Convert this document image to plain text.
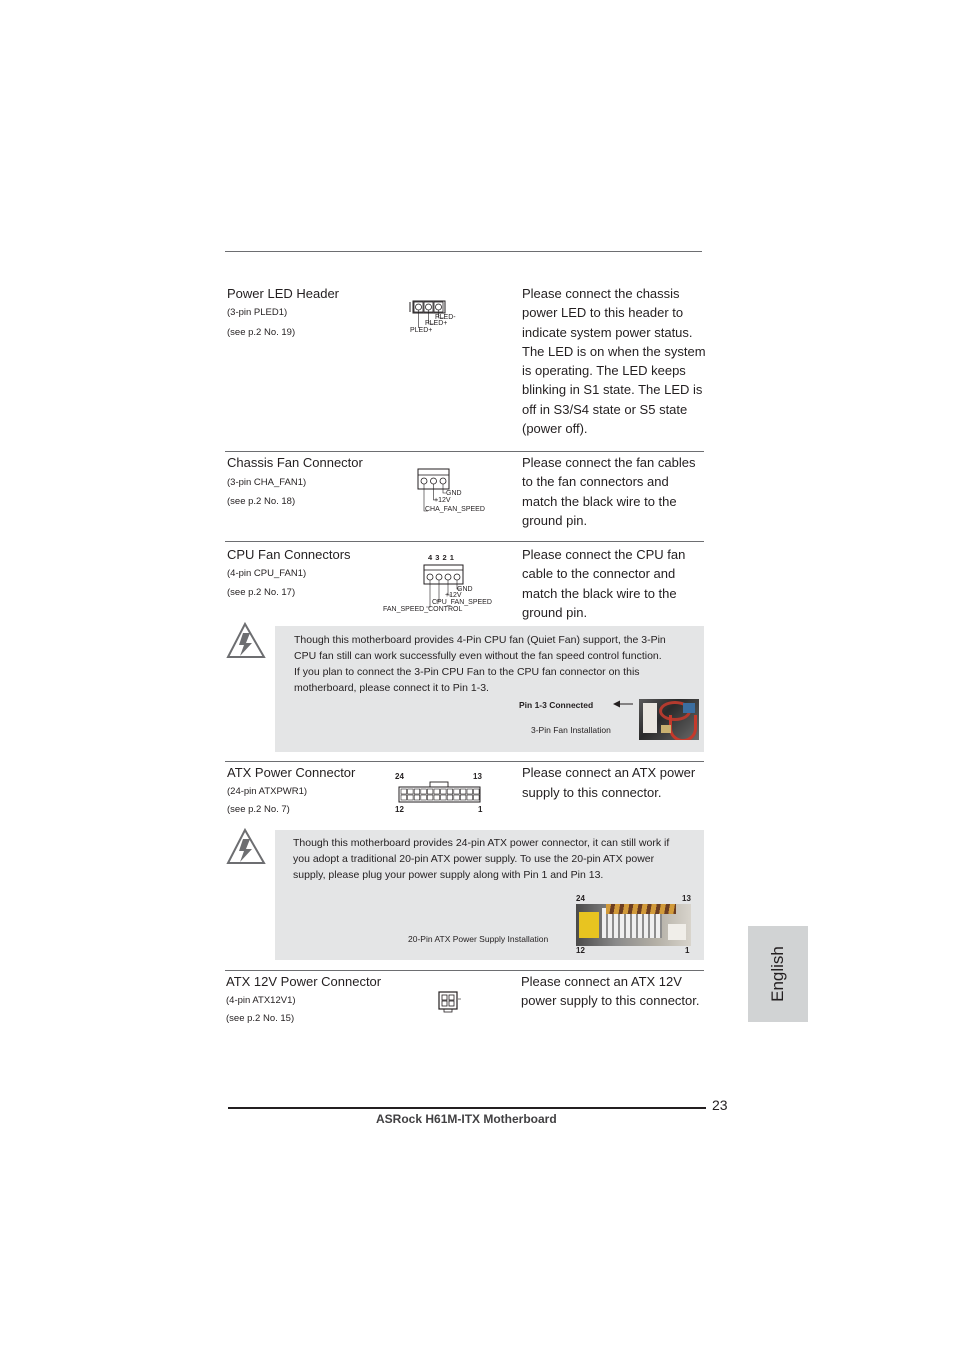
Power LED Header
(3-pin PLED1)
(see p.2 No. 19)
PLED-
PLED+
PLED+
Please connect the chassis
power LED to this header to
indicate system power status.
The LED is on when the system
is operating. The LED keeps
blinking in S1 state. The LED is
off in S3/S4 state or S5 state
(power off).
Chassis Fan Connector
(3-pin CHA_FAN1)
(see p.2 No. 18)
GND
+12V
CHA_FAN_SPEED
Please connect the fan cables
to the fan connectors and
match the black wire to the
ground pin.
CPU Fan Connectors
(4-pin CPU_FAN1)
(see p.2 No. 17)
4 3 2 1
GND
+12V
CPU_FAN_SPEED
FAN_SPEED_CONTROL
Please connect the CPU fan
cable to the connector and
match the black wire to the
ground pin.
Though this motherboard provides 4-Pin CPU fan (Quiet Fan) support, the 3-Pin
CPU fan still can work successfully even without the fan speed control function.
If you plan to connect the 3-Pin CPU Fan to the CPU fan connector on this
motherboard, please connect it to Pin 1-3.
Pin 1-3 Connected
3-Pin Fan Installation
ATX Power Connector
(24-pin ATXPWR1)
(see p.2 No. 7)
24	13
12	1
Please connect an ATX power
supply to this connector.
Though this motherboard provides 24-pin ATX power connector, it can still work if
you adopt a traditional 20-pin ATX power supply. To use the 20-pin ATX power
supply, please plug your power supply along with Pin 1 and Pin 13.
20-Pin ATX Power Supply Installation
24	13
12	1
ATX 12V Power Connector
(4-pin ATX12V1)
(see p.2 No. 15)
Please connect an ATX 12V
power supply to this connector.	English
23
ASRock H61M-ITX Motherboard
